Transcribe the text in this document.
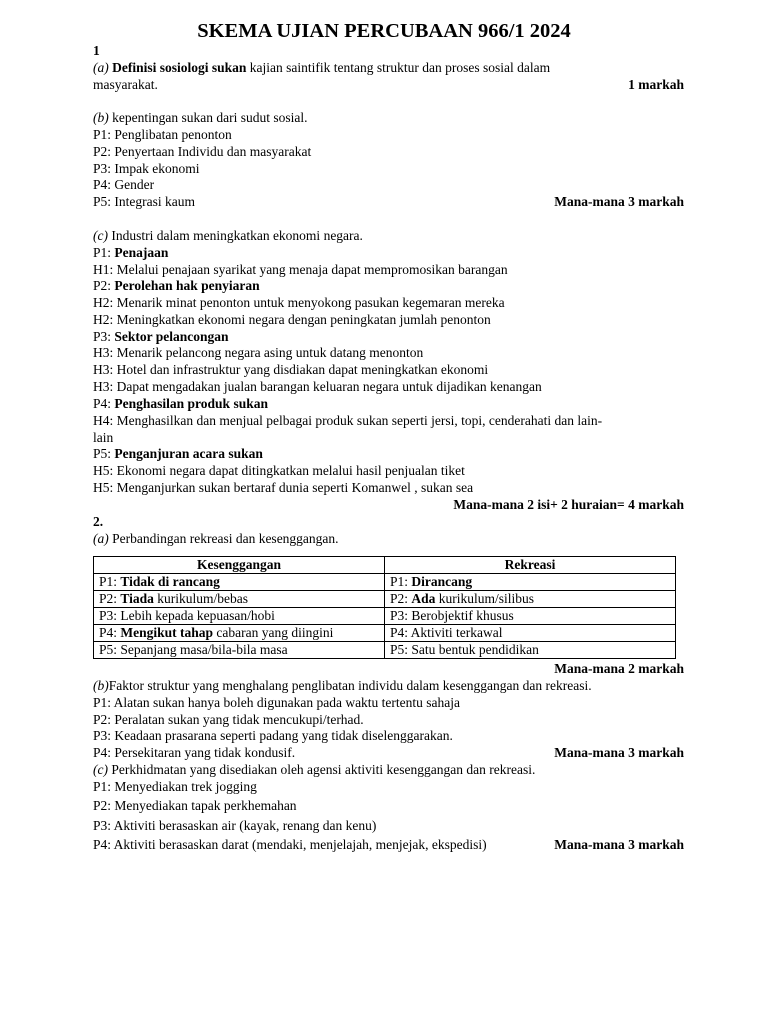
SKEMA UJIAN PERCUBAAN 966/1 2024
1
(a) Definisi sosiologi sukan kajian saintifik tentang struktur dan proses sosial dalam
masyarakat.	1 markah
(b) kepentingan sukan dari sudut sosial.
P1: Penglibatan penonton
P2: Penyertaan Individu dan masyarakat
P3: Impak ekonomi
P4: Gender
P5: Integrasi kaum	Mana-mana 3 markah
(c) Industri dalam meningkatkan ekonomi negara.
P1: Penajaan
H1: Melalui penajaan syarikat yang menaja dapat mempromosikan barangan
P2: Perolehan hak penyiaran
H2: Menarik minat penonton untuk menyokong pasukan kegemaran mereka
H2: Meningkatkan ekonomi negara dengan peningkatan jumlah penonton
P3: Sektor pelancongan
H3: Menarik pelancong negara asing untuk datang menonton
H3: Hotel dan infrastruktur yang disdiakan dapat meningkatkan ekonomi
H3: Dapat mengadakan jualan barangan keluaran negara untuk dijadikan kenangan
P4: Penghasilan produk sukan
H4: Menghasilkan dan menjual pelbagai produk sukan seperti jersi, topi, cenderahati dan lain-
lain
P5: Penganjuran acara sukan
H5: Ekonomi negara dapat ditingkatkan melalui hasil penjualan tiket
H5: Menganjurkan sukan bertaraf dunia seperti Komanwel , sukan sea
Mana-mana 2 isi+ 2 huraian= 4 markah
2.
(a) Perbandingan rekreasi dan kesenggangan.
Kesenggangan	Rekreasi
P1: Tidak di rancang	P1: Dirancang
P2: Tiada kurikulum/bebas	P2: Ada kurikulum/silibus
P3: Lebih kepada kepuasan/hobi	P3: Berobjektif khusus
P4: Mengikut tahap cabaran yang diingini	P4: Aktiviti terkawal
P5: Sepanjang masa/bila-bila masa	P5: Satu bentuk pendidikan
Mana-mana 2 markah
(b)Faktor struktur yang menghalang penglibatan individu dalam kesenggangan dan rekreasi.
P1: Alatan sukan hanya boleh digunakan pada waktu tertentu sahaja
P2: Peralatan sukan yang tidak mencukupi/terhad.
P3: Keadaan prasarana seperti padang yang tidak diselenggarakan.
P4: Persekitaran yang tidak kondusif.	Mana-mana 3 markah
(c) Perkhidmatan yang disediakan oleh agensi aktiviti kesenggangan dan rekreasi.
P1: Menyediakan trek jogging
P2: Menyediakan tapak perkhemahan
P3: Aktiviti berasaskan air (kayak, renang dan kenu)
P4: Aktiviti berasaskan darat (mendaki, menjelajah, menjejak, ekspedisi)	Mana-mana 3 markah
